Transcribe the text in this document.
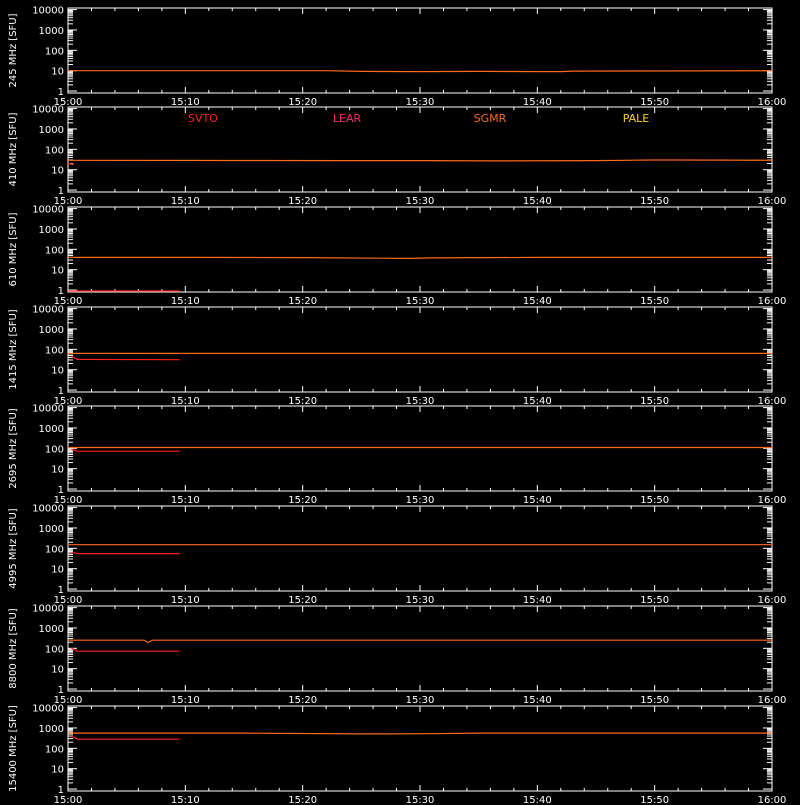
1
10
100
1000
10000
15:00	15:10	15:20	15:30	15:40	15:50	16:00
245 MHz [SFU]
1
10
100
1000
10000
15:00	15:10	15:20	15:30	15:40	15:50	16:00
410 MHz [SFU]
1
10
100
1000
10000
15:00	15:10	15:20	15:30	15:40	15:50	16:00
610 MHz [SFU]
1
10
100
1000
10000
15:00	15:10	15:20	15:30	15:40	15:50	16:00
1415 MHz [SFU]
1
10
100
1000
10000
15:00	15:10	15:20	15:30	15:40	15:50	16:00
2695 MHz [SFU]
1
10
100
1000
10000
15:00	15:10	15:20	15:30	15:40	15:50	16:00
4995 MHz [SFU]
1
10
100
1000
10000
15:00	15:10	15:20	15:30	15:40	15:50	16:00
8800 MHz [SFU]
1
10
100
1000
10000
15:00	15:10	15:20	15:30	15:40	15:50	16:00
15400 MHz [SFU]
SVTO	LEAR	SGMR	PALE
